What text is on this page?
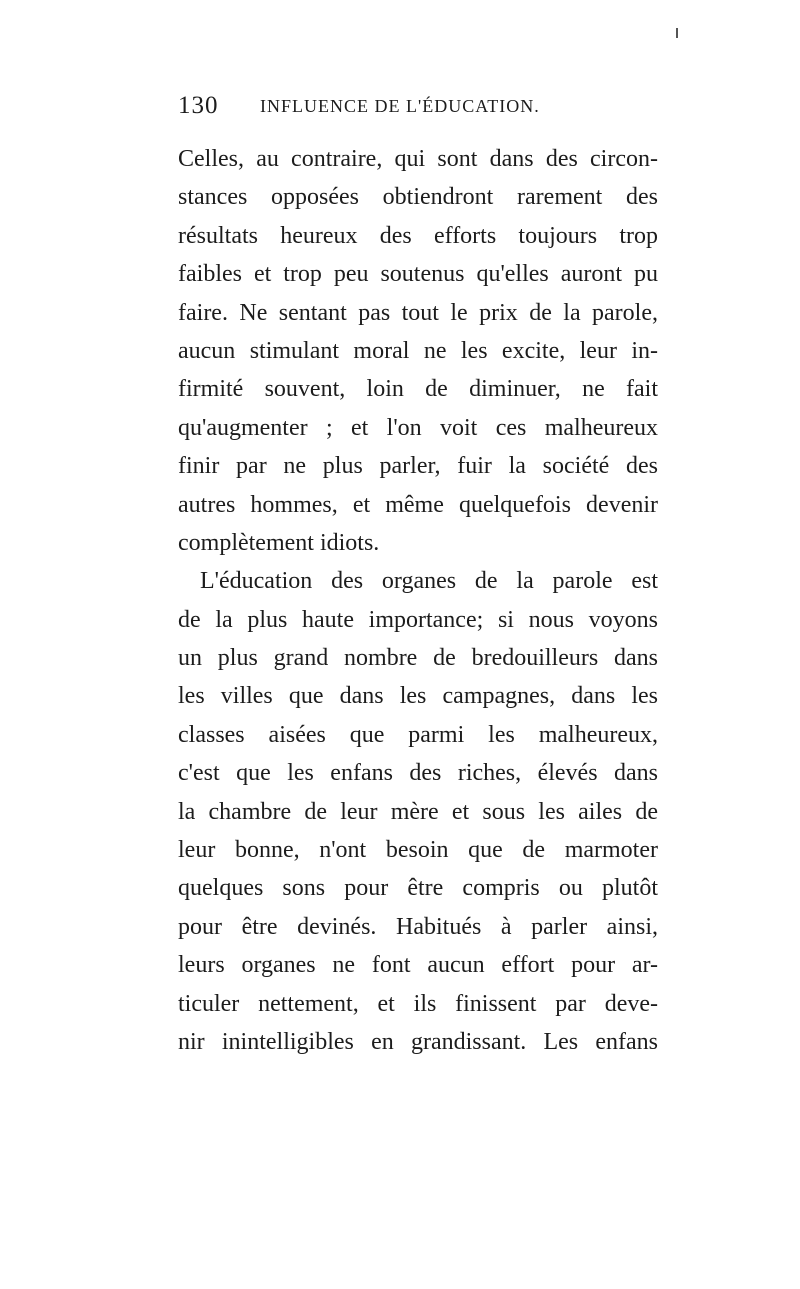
130 INFLUENCE DE L'ÉDUCATION.
Celles, au contraire, qui sont dans des circon-
stances opposées obtiendront rarement des
résultats heureux des efforts toujours trop
faibles et trop peu soutenus qu'elles auront pu
faire. Ne sentant pas tout le prix de la parole,
aucun stimulant moral ne les excite, leur in-
firmité souvent, loin de diminuer, ne fait
qu'augmenter ; et l'on voit ces malheureux
finir par ne plus parler, fuir la société des
autres hommes, et même quelquefois devenir
complètement idiots.
L'éducation des organes de la parole est
de la plus haute importance; si nous voyons
un plus grand nombre de bredouilleurs dans
les villes que dans les campagnes, dans les
classes aisées que parmi les malheureux,
c'est que les enfans des riches, élevés dans
la chambre de leur mère et sous les ailes de
leur bonne, n'ont besoin que de marmoter
quelques sons pour être compris ou plutôt
pour être devinés. Habitués à parler ainsi,
leurs organes ne font aucun effort pour ar-
ticuler nettement, et ils finissent par deve-
nir inintelligibles en grandissant. Les enfans
